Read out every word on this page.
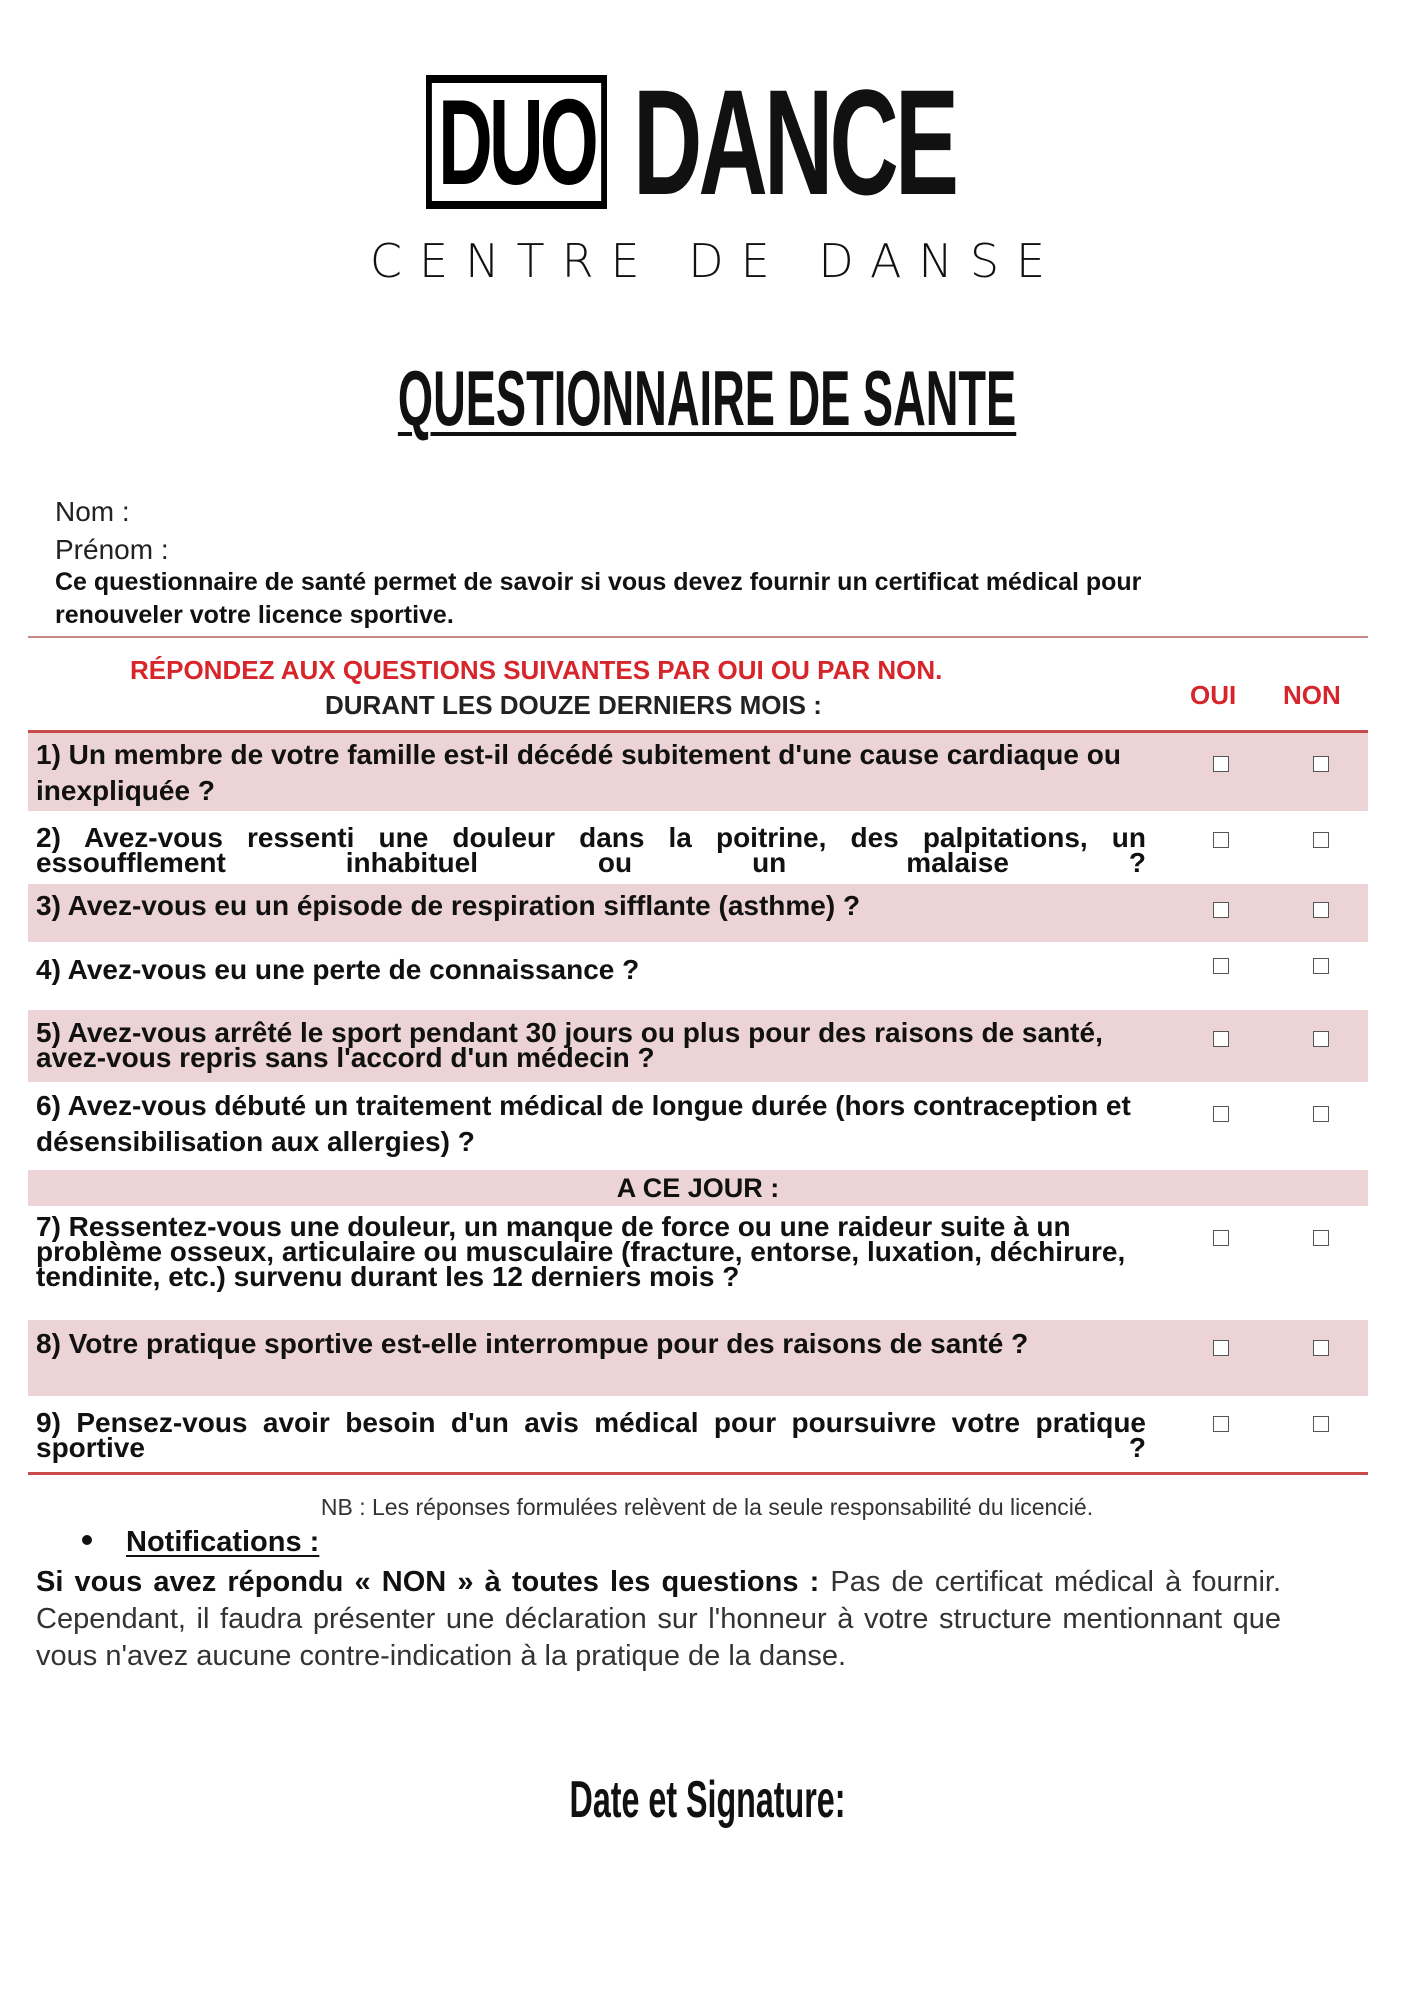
DUO DANCE
CENTRE DE DANSE
QUESTIONNAIRE DE SANTE
Nom :
Prénom :
Ce questionnaire de santé permet de savoir si vous devez fournir un certificat médical pour renouveler votre licence sportive.
RÉPONDEZ AUX QUESTIONS SUIVANTES PAR OUI OU PAR NON.
DURANT LES DOUZE DERNIERS MOIS :	OUI NON
1) Un membre de votre famille est-il décédé subitement d'une cause cardiaque ou inexpliquée ?
2) Avez-vous ressenti une douleur dans la poitrine, des palpitations, un essoufflement inhabituel ou un malaise ?
3) Avez-vous eu un épisode de respiration sifflante (asthme) ?
4) Avez-vous eu une perte de connaissance ?
5) Avez-vous arrêté le sport pendant 30 jours ou plus pour des raisons de santé, avez-vous repris sans l'accord d'un médecin ?
6) Avez-vous débuté un traitement médical de longue durée (hors contraception et désensibilisation aux allergies) ?
A CE JOUR :
7) Ressentez-vous une douleur, un manque de force ou une raideur suite à un problème osseux, articulaire ou musculaire (fracture, entorse, luxation, déchirure, tendinite, etc.) survenu durant les 12 derniers mois ?
8) Votre pratique sportive est-elle interrompue pour des raisons de santé ?
9) Pensez-vous avoir besoin d'un avis médical pour poursuivre votre pratique sportive ?
NB : Les réponses formulées relèvent de la seule responsabilité du licencié.
Notifications :
Si vous avez répondu « NON » à toutes les questions : Pas de certificat médical à fournir. Cependant, il faudra présenter une déclaration sur l'honneur à votre structure mentionnant que vous n'avez aucune contre-indication à la pratique de la danse.
Date et Signature:
